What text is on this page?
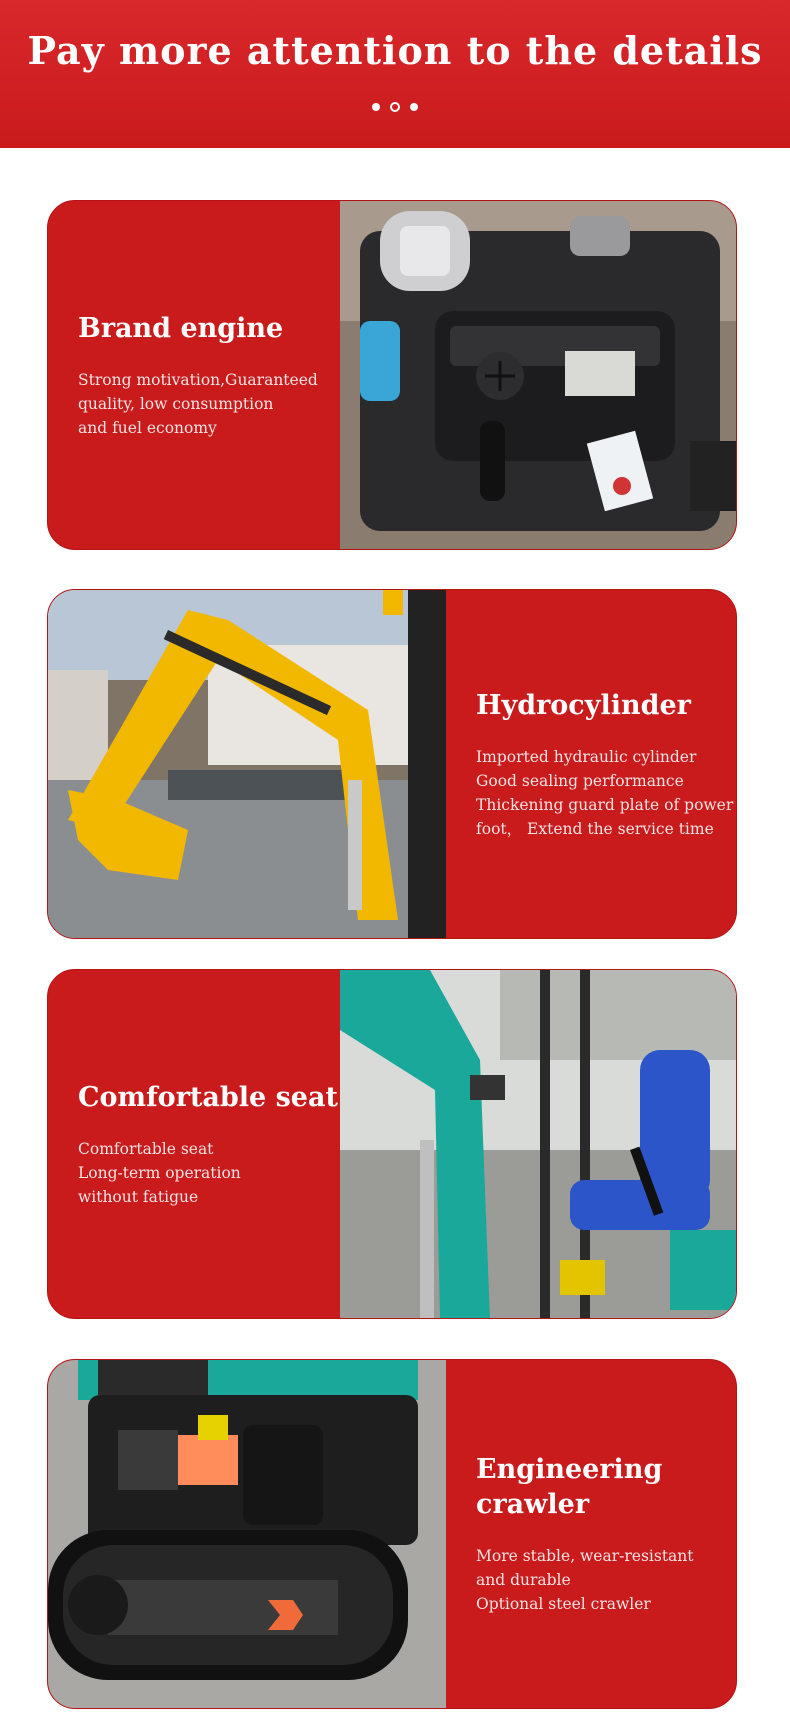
Pay more attention to the details
Brand engine
Strong motivation,Guaranteed
quality, low consumption
and fuel economy
Hydrocylinder
Imported hydraulic cylinder
Good sealing performance
Thickening guard plate of power
foot， Extend the service time
Comfortable seat
Comfortable seat
Long-term operation
without fatigue
Engineering
crawler
More stable, wear-resistant
and durable
Optional steel crawler
